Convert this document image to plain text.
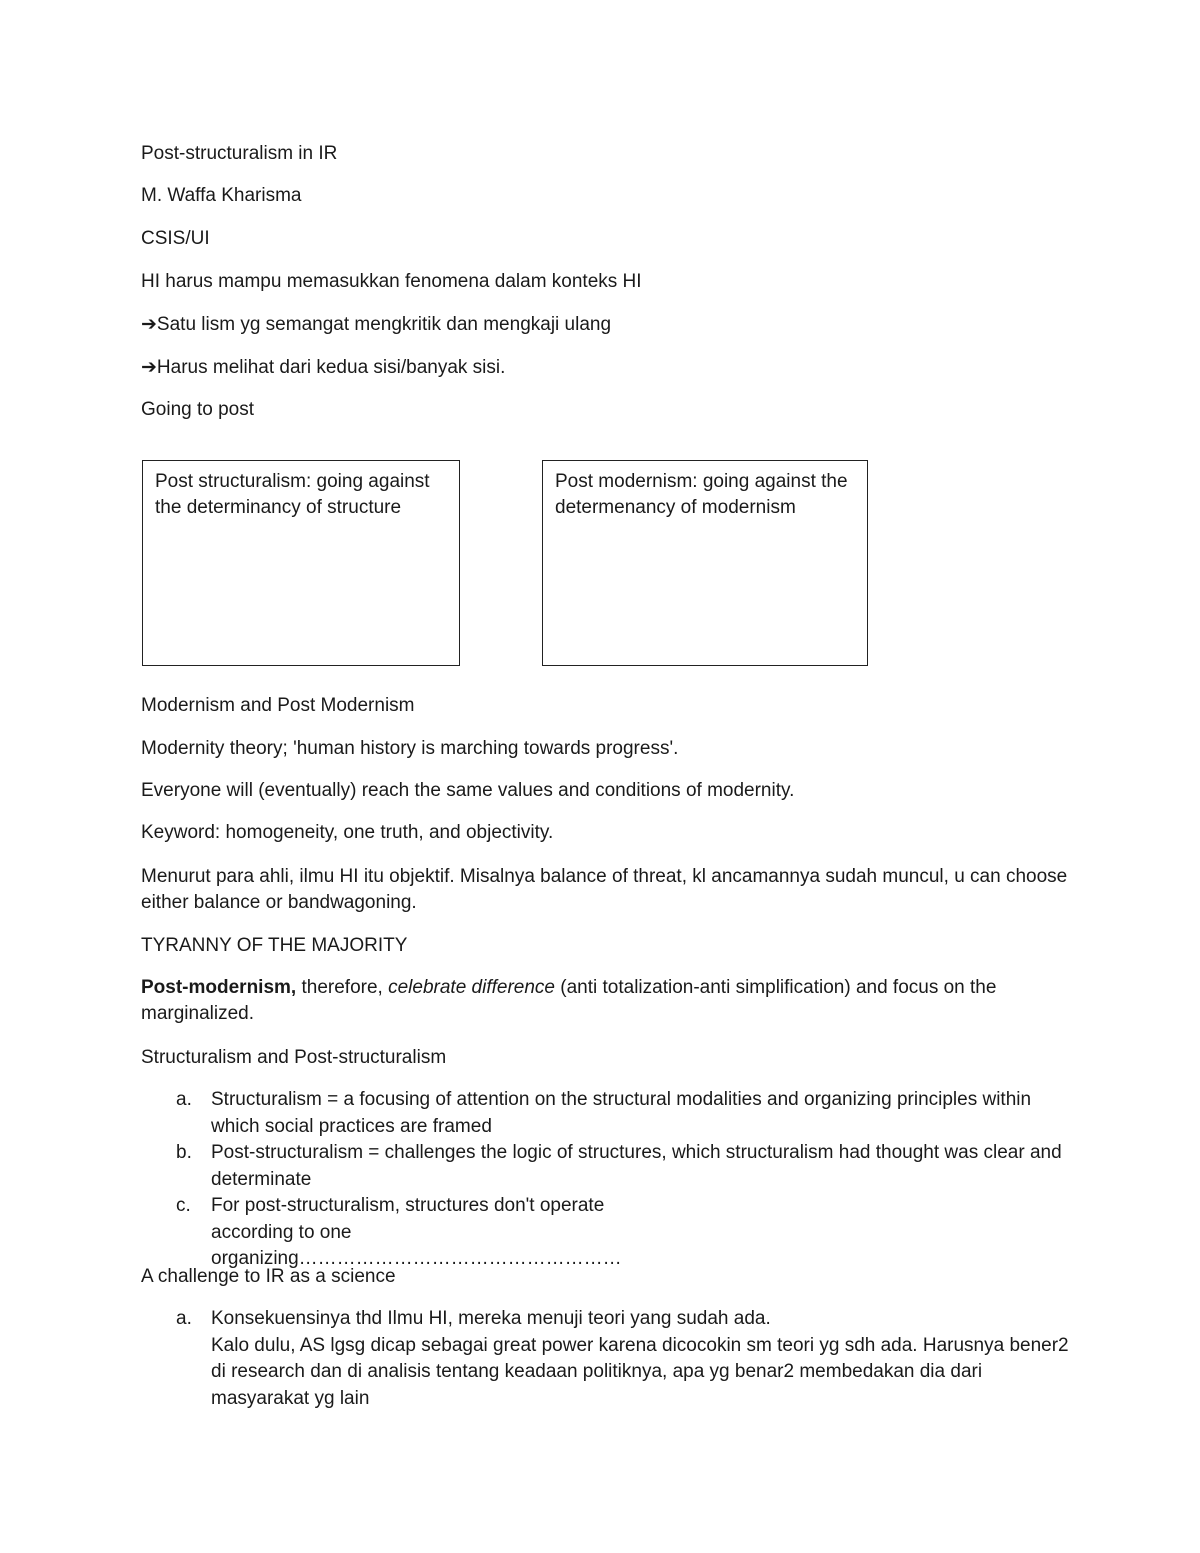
Post-structuralism in IR
M. Waffa Kharisma
CSIS/UI
HI harus mampu memasukkan fenomena dalam konteks HI
➔Satu lism yg semangat mengkritik dan mengkaji ulang
➔Harus melihat dari kedua sisi/banyak sisi.
Going to post
Post structuralism: going against the determinancy of structure
Post modernism: going against the determenancy of modernism
Modernism and Post Modernism
Modernity theory; 'human history is marching towards progress'.
Everyone will (eventually) reach the same values and conditions of modernity.
Keyword: homogeneity, one truth, and objectivity.
Menurut para ahli, ilmu HI itu objektif. Misalnya balance of threat, kl ancamannya sudah muncul, u can choose either balance or bandwagoning.
TYRANNY OF THE MAJORITY
Post-modernism, therefore, celebrate difference (anti totalization-anti simplification) and focus on the marginalized.
Structuralism and Post-structuralism
a. Structuralism = a focusing of attention on the structural modalities and organizing principles within which social practices are framed
b. Post-structuralism = challenges the logic of structures, which structuralism had thought was clear and determinate
c. For post-structuralism, structures don't operate according to one organizing……………………………………………
A challenge to IR as a science
a. Konsekuensinya thd Ilmu HI, mereka menuji teori yang sudah ada.
Kalo dulu, AS lgsg dicap sebagai great power karena dicocokin sm teori yg sdh ada. Harusnya bener2 di research dan di analisis tentang keadaan politiknya, apa yg benar2 membedakan dia dari masyarakat yg lain
